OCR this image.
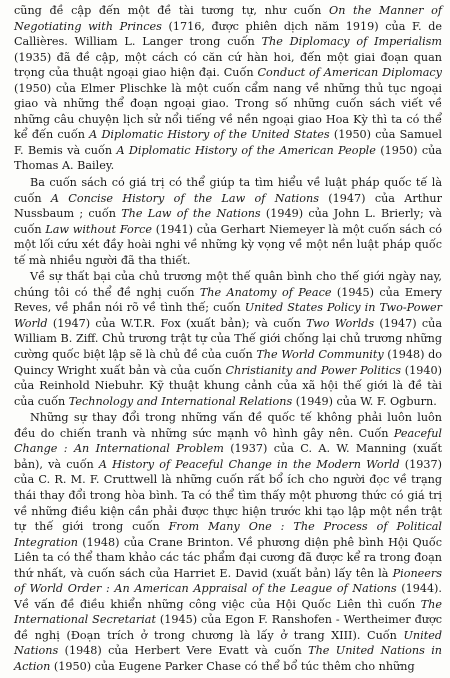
cũng đề cập đến một đề tài tương tự, như cuốn On the Manner of Negotiating with Princes (1716, được phiên dịch năm 1919) của F. de Callières. William L. Langer trong cuốn The Diplomacy of Imperialism (1935) đã đề cập, một cách có căn cứ hàn hoi, đến một giai đoạn quan trọng của thuật ngoại giao hiện đại. Cuốn Conduct of American Diplomacy (1950) của Elmer Plischke là một cuốn cẩm nang về những thủ tục ngoại giao và những thể đoạn ngoại giao. Trong số những cuốn sách viết về những câu chuyện lịch sử nổi tiếng về nền ngoại giao Hoa Kỳ thì ta có thể kể đến cuốn A Diplomatic History of the United States (1950) của Samuel F. Bemis và cuốn A Diplomatic History of the American People (1950) của Thomas A. Bailey.

Ba cuốn sách có giá trị có thể giúp ta tìm hiểu về luật pháp quốc tế là cuốn A Concise History of the Law of Nations (1947) của Arthur Nussbaum ; cuốn The Law of the Nations (1949) của John L. Brierly; và cuốn Law without Force (1941) của Gerhart Niemeyer là một cuốn sách có một lối cứu xét đầy hoài nghi về những kỳ vọng về một nền luật pháp quốc tế mà nhiều người đã tha thiết.

Về sự thất bại của chủ trương một thế quân bình cho thế giới ngày nay, chúng tôi có thể đề nghị cuốn The Anatomy of Peace (1945) của Emery Reves, về phần nói rõ về tình thế; cuốn United States Policy in Two-Power World (1947) của W.T.R. Fox (xuất bản); và cuốn Two Worlds (1947) của William B. Ziff. Chủ trương trật tự của Thế giới chống lại chủ trương những cường quốc biệt lập sẽ là chủ đề của cuốn The World Community (1948) do Quincy Wright xuất bản và của cuốn Christianity and Power Politics (1940) của Reinhold Niebuhr. Kỹ thuật khung cảnh của xã hội thế giới là đề tài của cuốn Technology and International Relations (1949) của W. F. Ogburn.

Những sự thay đổi trong những vấn đề quốc tế không phải luôn luôn đều do chiến tranh và những sức mạnh vô hình gây nên. Cuốn Peaceful Change : An International Problem (1937) của C. A. W. Manning (xuất bản), và cuốn A History of Peaceful Change in the Modern World (1937) của C. R. M. F. Cruttwell là những cuốn rất bổ ích cho người đọc về trạng thái thay đổi trong hòa bình. Ta có thể tìm thấy một phương thức có giá trị về những điều kiện cần phải được thực hiện trước khi tạo lập một nền trật tự thế giới trong cuốn From Many One : The Process of Political Integration (1948) của Crane Brinton. Về phương diện phê bình Hội Quốc Liên ta có thể tham khảo các tác phẩm đại cương đã được kể ra trong đoạn thứ nhất, và cuốn sách của Harriet E. David (xuất bản) lấy tên là Pioneers of World Order : An American Appraisal of the League of Nations (1944). Về vấn đề điều khiển những công việc của Hội Quốc Liên thì cuốn The International Secretariat (1945) của Egon F. Ranshofen - Wertheimer được đề nghị (Đoạn trích ở trong chương là lấy ở trang XIII). Cuốn United Nations (1948) của Herbert Vere Evatt và cuốn The United Nations in Action (1950) của Eugene Parker Chase có thể bổ túc thêm cho những
